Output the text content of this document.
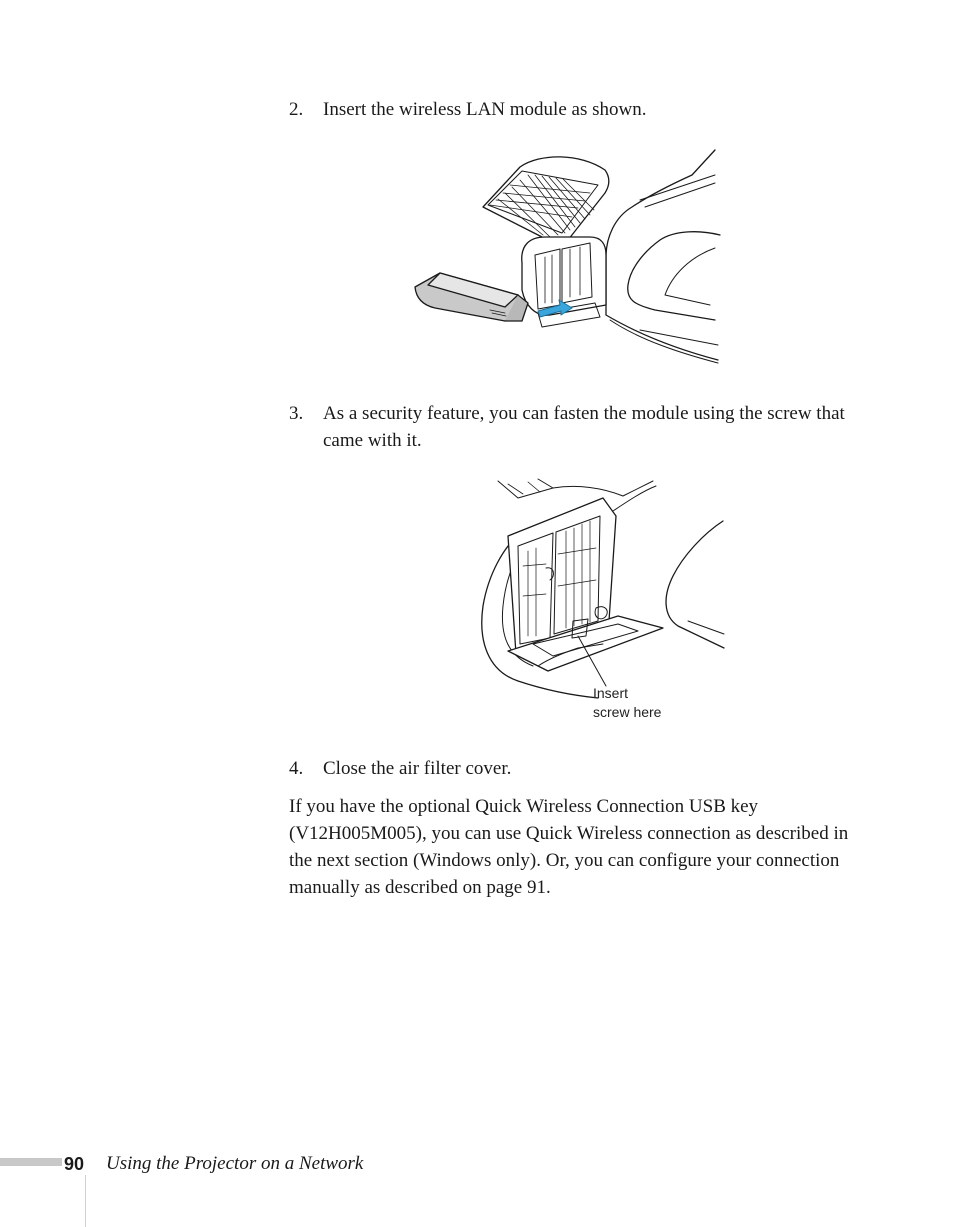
2. Insert the wireless LAN module as shown.
3. As a security feature, you can fasten the module using the screw that came with it.
Insert
screw here
4. Close the air filter cover.
If you have the optional Quick Wireless Connection USB key (V12H005M005), you can use Quick Wireless connection as described in the next section (Windows only). Or, you can configure your connection manually as described on page 91.
90 Using the Projector on a Network
